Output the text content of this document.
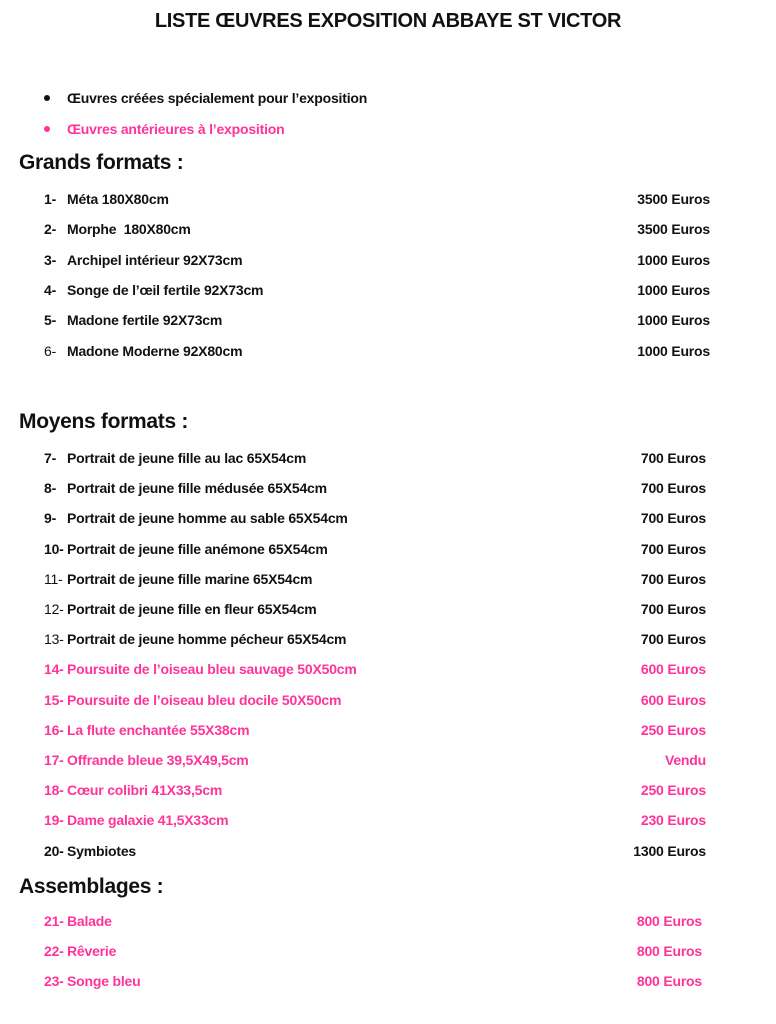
LISTE ŒUVRES EXPOSITION ABBAYE ST VICTOR
Œuvres créées spécialement pour l’exposition
Œuvres antérieures à l’exposition
Grands formats :
1- Méta 180X80cm	3500 Euros
2- Morphe  180X80cm	3500 Euros
3- Archipel intérieur 92X73cm	1000 Euros
4- Songe de l’œil fertile 92X73cm	1000 Euros
5- Madone fertile 92X73cm	1000 Euros
6- Madone Moderne 92X80cm	1000 Euros
Moyens formats :
7- Portrait de jeune fille au lac 65X54cm	700 Euros
8- Portrait de jeune fille médusée 65X54cm	700 Euros
9- Portrait de jeune homme au sable 65X54cm	700 Euros
10- Portrait de jeune fille anémone 65X54cm	700 Euros
11- Portrait de jeune fille marine 65X54cm	700 Euros
12- Portrait de jeune fille en fleur 65X54cm	700 Euros
13- Portrait de jeune homme pécheur 65X54cm	700 Euros
14- Poursuite de l’oiseau bleu sauvage 50X50cm	600 Euros
15- Poursuite de l’oiseau bleu docile 50X50cm	600 Euros
16- La flute enchantée 55X38cm	250 Euros
17- Offrande bleue 39,5X49,5cm	Vendu
18- Cœur colibri 41X33,5cm	250 Euros
19- Dame galaxie 41,5X33cm	230 Euros
20- Symbiotes	1300 Euros
Assemblages :
21- Balade	800 Euros
22- Rêverie	800 Euros
23- Songe bleu	800 Euros
